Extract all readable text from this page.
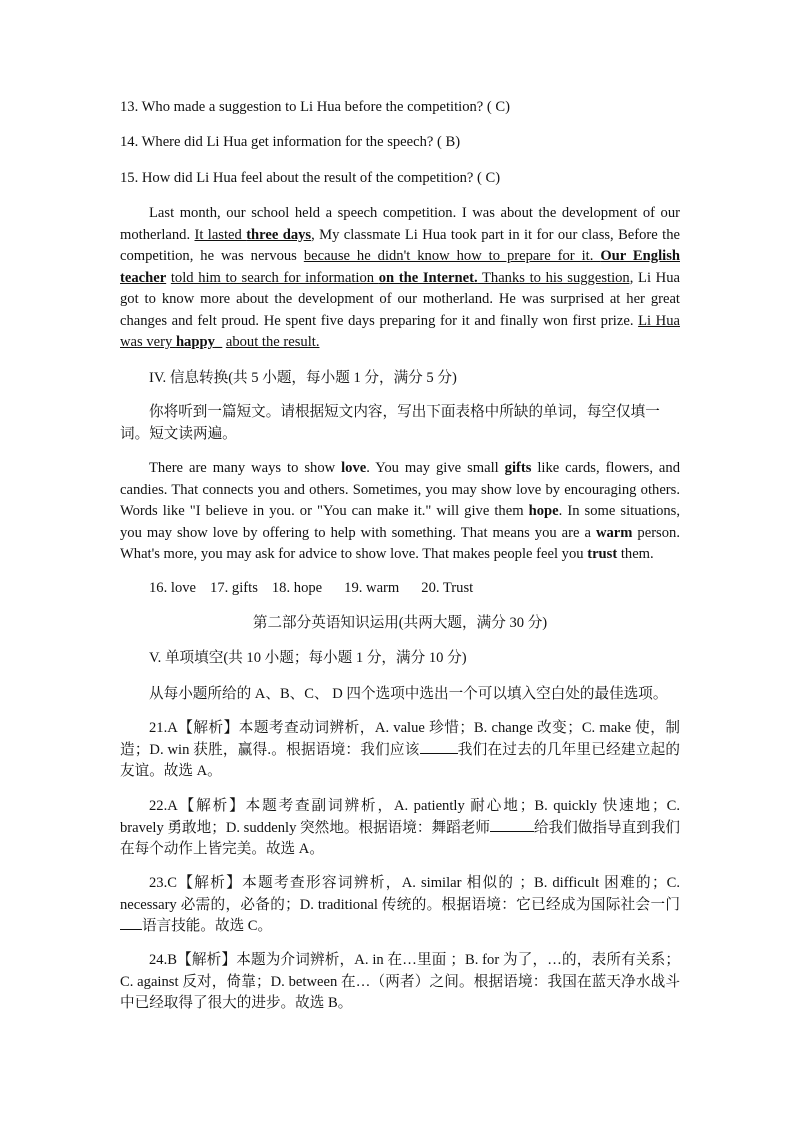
13. Who made a suggestion to Li Hua before the competition? ( C)
14. Where did Li Hua get information for the speech? ( B)
15. How did Li Hua feel about the result of the competition? ( C)
Last month, our school held a speech competition. I was about the development of our motherland. It lasted three days, My classmate Li Hua took part in it for our class, Before the competition, he was nervous because he didn't know how to prepare for it. Our English teacher told him to search for information on the Internet. Thanks to his suggestion, Li Hua got to know more about the development of our motherland. He was surprised at her great changes and felt proud. He spent five days preparing for it and finally won first prize. Li Hua was very happy_ about the result.
IV. 信息转换(共 5 小题，每小题 1 分，满分 5 分)
你将听到一篇短文。请根据短文内容，写出下面表格中所缺的单词，每空仅填一词。短文读两遍。
There are many ways to show love. You may give small gifts like cards, flowers, and candies. That connects you and others. Sometimes, you may show love by encouraging others. Words like "I believe in you. or "You can make it." will give them hope. In some situations, you may show love by offering to help with something. That means you are a warm person. What's more, you may ask for advice to show love. That makes people feel you trust them.
16. love 17. gifts 18. hope 19. warm 20. Trust
第二部分英语知识运用(共两大题，满分 30 分)
V. 单项填空(共 10 小题；每小题 1 分，满分 10 分)
从每小题所给的 A、B、C、 D 四个选项中选出一个可以填入空白处的最佳选项。
21.A【解析】本题考查动词辨析，A. value 珍惜；B. change 改变；C. make 使，制造；D. win 获胜，赢得.。根据语境：我们应该	我们在过去的几年里已经建立起的友谊。故选 A。
22.A【解析】本题考查副词辨析，A. patiently 耐心地；B. quickly 快速地；C. bravely 勇敢地；D. suddenly 突然地。根据语境：舞蹈老师	给我们做指导直到我们在每个动作上皆完美。故选 A。
23.C【解析】本题考查形容词辨析，A. similar 相似的 ；B. difficult 困难的；C. necessary 必需的，必备的；D. traditional 传统的。根据语境：它已经成为国际社会一门语言技能。故选 C。
24.B【解析】本题为介词辨析，A. in 在…里面 ；B. for 为了，…的，表所有关系；C. against 反对，倚靠；D. between 在…（两者）之间。根据语境：我国在蓝天净水战斗中已经取得了很大的进步。故选 B。
